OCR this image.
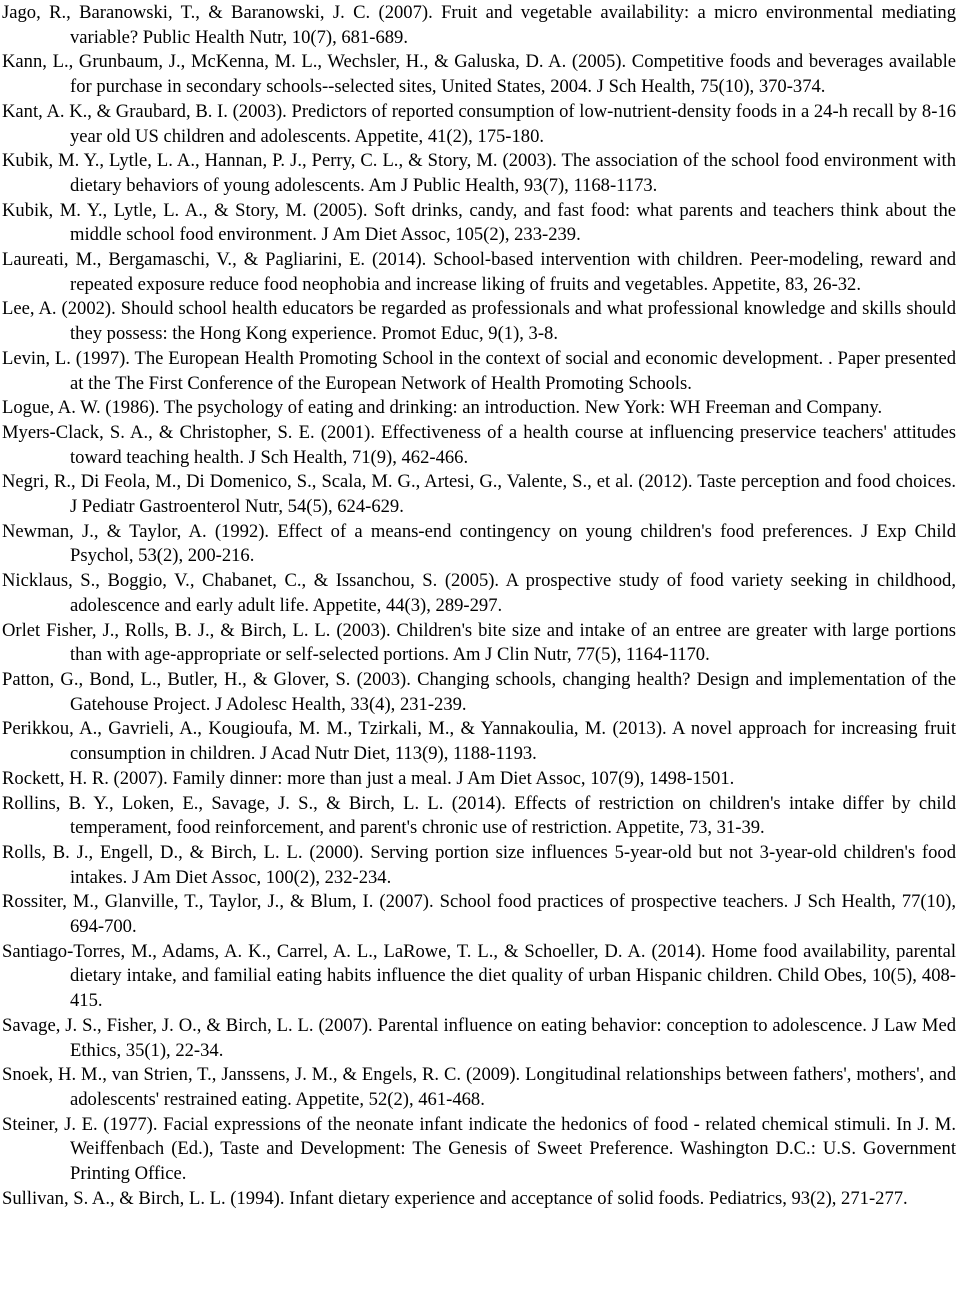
Jago, R., Baranowski, T., & Baranowski, J. C. (2007). Fruit and vegetable availability: a micro environmental mediating variable? Public Health Nutr, 10(7), 681-689.
Kann, L., Grunbaum, J., McKenna, M. L., Wechsler, H., & Galuska, D. A. (2005). Competitive foods and beverages available for purchase in secondary schools--selected sites, United States, 2004. J Sch Health, 75(10), 370-374.
Kant, A. K., & Graubard, B. I. (2003). Predictors of reported consumption of low-nutrient-density foods in a 24-h recall by 8-16 year old US children and adolescents. Appetite, 41(2), 175-180.
Kubik, M. Y., Lytle, L. A., Hannan, P. J., Perry, C. L., & Story, M. (2003). The association of the school food environment with dietary behaviors of young adolescents. Am J Public Health, 93(7), 1168-1173.
Kubik, M. Y., Lytle, L. A., & Story, M. (2005). Soft drinks, candy, and fast food: what parents and teachers think about the middle school food environment. J Am Diet Assoc, 105(2), 233-239.
Laureati, M., Bergamaschi, V., & Pagliarini, E. (2014). School-based intervention with children. Peer-modeling, reward and repeated exposure reduce food neophobia and increase liking of fruits and vegetables. Appetite, 83, 26-32.
Lee, A. (2002). Should school health educators be regarded as professionals and what professional knowledge and skills should they possess: the Hong Kong experience. Promot Educ, 9(1), 3-8.
Levin, L. (1997). The European Health Promoting School in the context of social and economic development. . Paper presented at the The First Conference of the European Network of Health Promoting Schools.
Logue, A. W. (1986). The psychology of eating and drinking: an introduction. New York: WH Freeman and Company.
Myers-Clack, S. A., & Christopher, S. E. (2001). Effectiveness of a health course at influencing preservice teachers' attitudes toward teaching health. J Sch Health, 71(9), 462-466.
Negri, R., Di Feola, M., Di Domenico, S., Scala, M. G., Artesi, G., Valente, S., et al. (2012). Taste perception and food choices. J Pediatr Gastroenterol Nutr, 54(5), 624-629.
Newman, J., & Taylor, A. (1992). Effect of a means-end contingency on young children's food preferences. J Exp Child Psychol, 53(2), 200-216.
Nicklaus, S., Boggio, V., Chabanet, C., & Issanchou, S. (2005). A prospective study of food variety seeking in childhood, adolescence and early adult life. Appetite, 44(3), 289-297.
Orlet Fisher, J., Rolls, B. J., & Birch, L. L. (2003). Children's bite size and intake of an entree are greater with large portions than with age-appropriate or self-selected portions. Am J Clin Nutr, 77(5), 1164-1170.
Patton, G., Bond, L., Butler, H., & Glover, S. (2003). Changing schools, changing health? Design and implementation of the Gatehouse Project. J Adolesc Health, 33(4), 231-239.
Perikkou, A., Gavrieli, A., Kougioufa, M. M., Tzirkali, M., & Yannakoulia, M. (2013). A novel approach for increasing fruit consumption in children. J Acad Nutr Diet, 113(9), 1188-1193.
Rockett, H. R. (2007). Family dinner: more than just a meal. J Am Diet Assoc, 107(9), 1498-1501.
Rollins, B. Y., Loken, E., Savage, J. S., & Birch, L. L. (2014). Effects of restriction on children's intake differ by child temperament, food reinforcement, and parent's chronic use of restriction. Appetite, 73, 31-39.
Rolls, B. J., Engell, D., & Birch, L. L. (2000). Serving portion size influences 5-year-old but not 3-year-old children's food intakes. J Am Diet Assoc, 100(2), 232-234.
Rossiter, M., Glanville, T., Taylor, J., & Blum, I. (2007). School food practices of prospective teachers. J Sch Health, 77(10), 694-700.
Santiago-Torres, M., Adams, A. K., Carrel, A. L., LaRowe, T. L., & Schoeller, D. A. (2014). Home food availability, parental dietary intake, and familial eating habits influence the diet quality of urban Hispanic children. Child Obes, 10(5), 408-415.
Savage, J. S., Fisher, J. O., & Birch, L. L. (2007). Parental influence on eating behavior: conception to adolescence. J Law Med Ethics, 35(1), 22-34.
Snoek, H. M., van Strien, T., Janssens, J. M., & Engels, R. C. (2009). Longitudinal relationships between fathers', mothers', and adolescents' restrained eating. Appetite, 52(2), 461-468.
Steiner, J. E. (1977). Facial expressions of the neonate infant indicate the hedonics of food - related chemical stimuli. In J. M. Weiffenbach (Ed.), Taste and Development: The Genesis of Sweet Preference. Washington D.C.: U.S. Government Printing Office.
Sullivan, S. A., & Birch, L. L. (1994). Infant dietary experience and acceptance of solid foods. Pediatrics, 93(2), 271-277.
